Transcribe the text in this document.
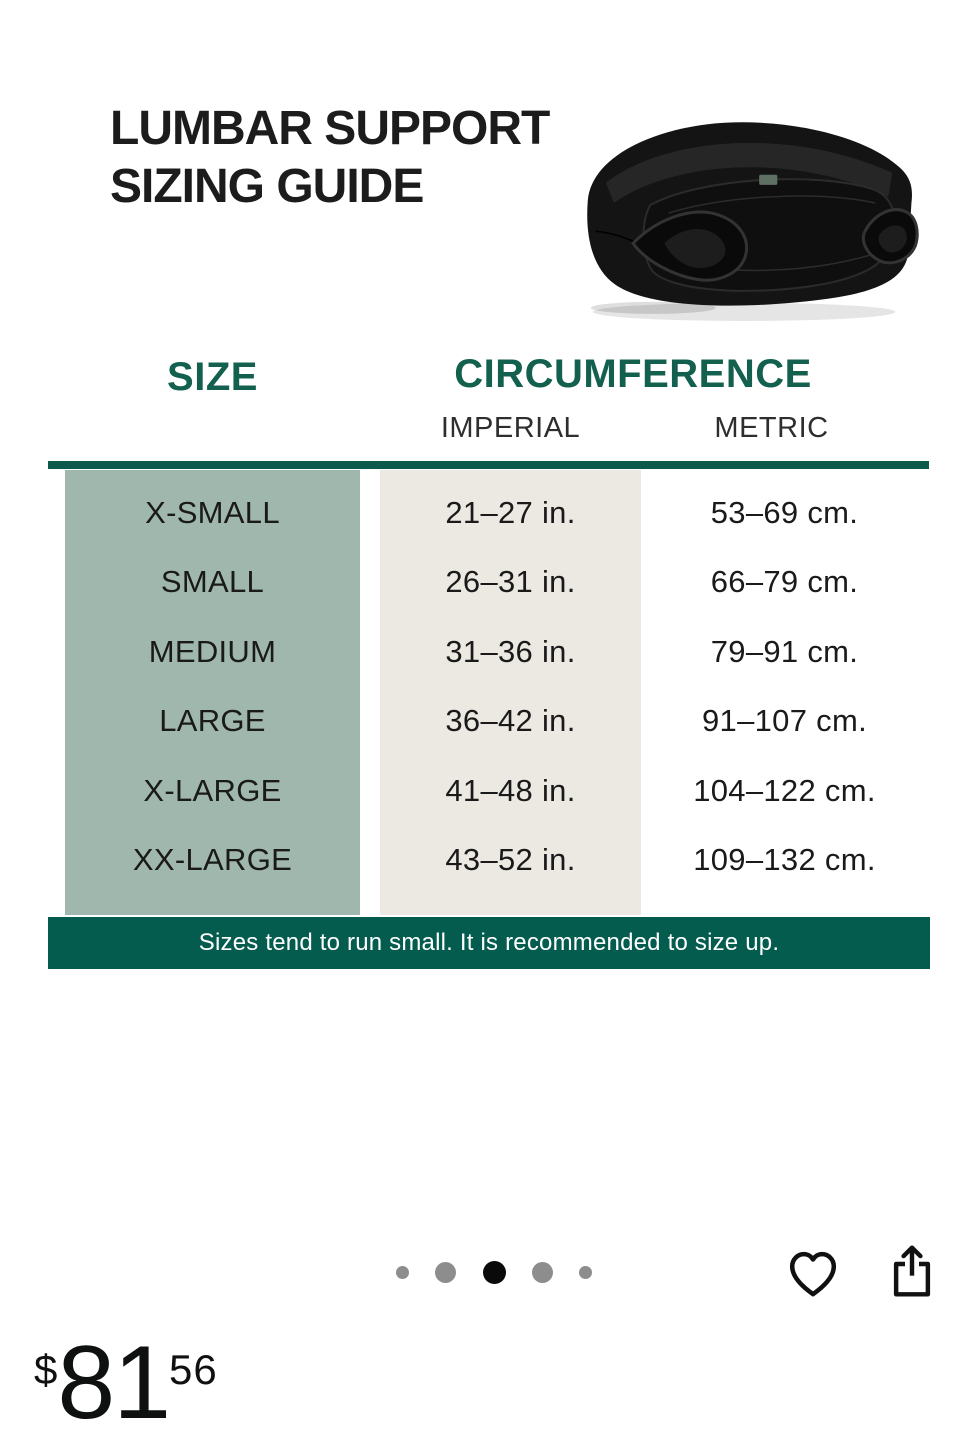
LUMBAR SUPPORT
SIZING GUIDE
SIZE	CIRCUMFERENCE
IMPERIAL	METRIC
X-SMALL	21–27 in.	53–69 cm.
SMALL	26–31 in.	66–79 cm.
MEDIUM	31–36 in.	79–91 cm.
LARGE	36–42 in.	91–107 cm.
X-LARGE	41–48 in.	104–122 cm.
XX-LARGE	43–52 in.	109–132 cm.
Sizes tend to run small. It is recommended to size up.
$ 81 56
